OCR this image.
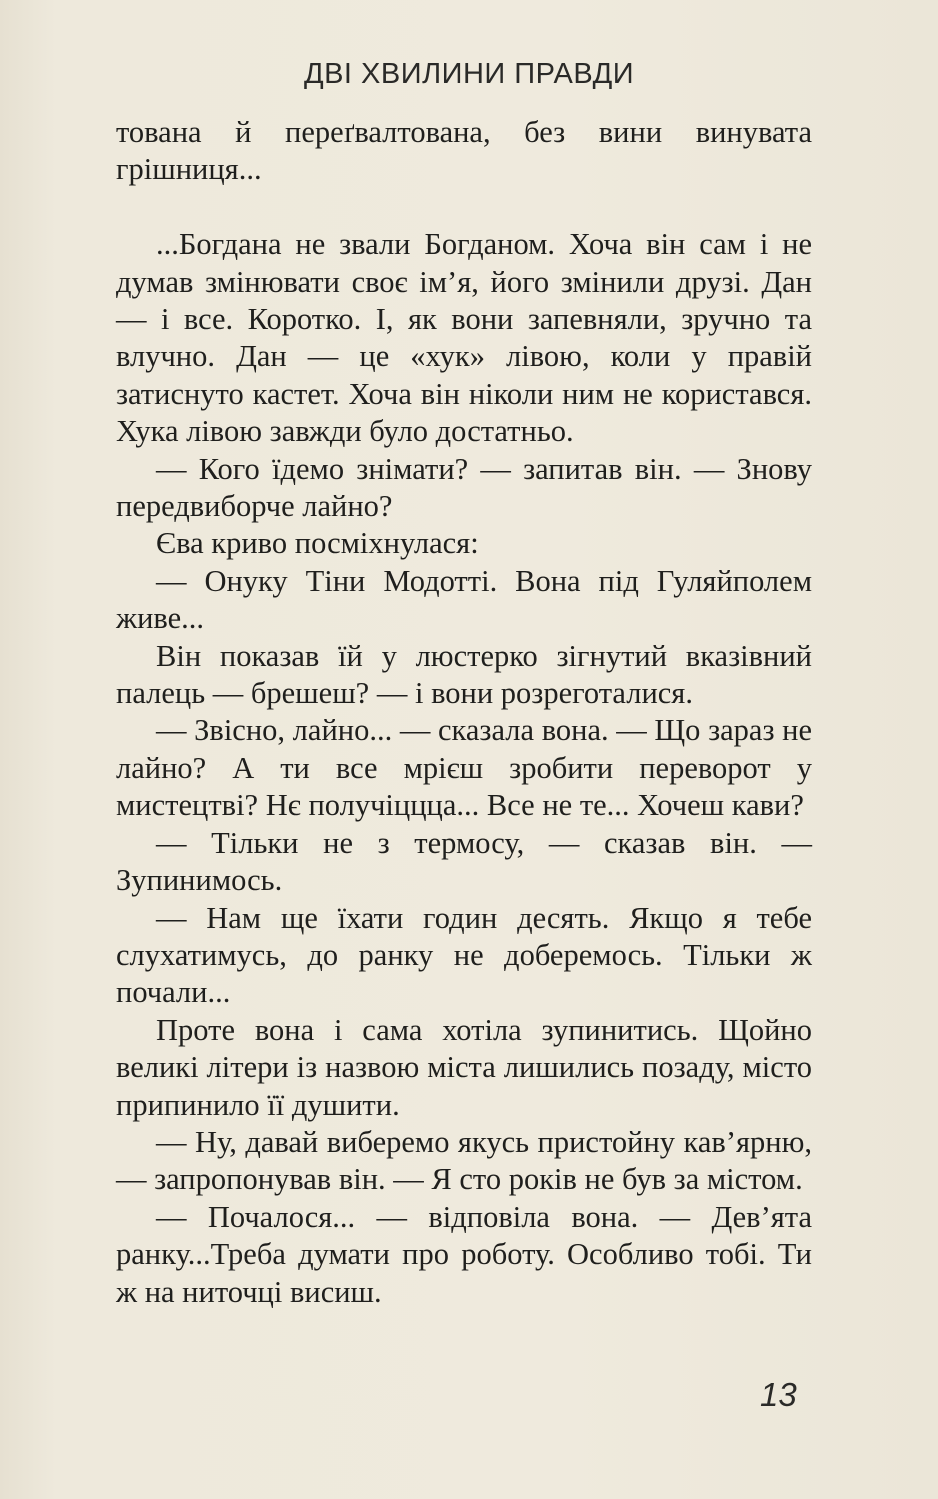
ДВІ ХВИЛИНИ ПРАВДИ

тована й переґвалтована, без вини винувата грішниця...

...Богдана не звали Богданом. Хоча він сам і не думав змінювати своє ім’я, його змінили друзі. Дан — і все. Коротко. І, як вони запевняли, зручно та влучно. Дан — це «хук» лівою, коли у правій затиснуто кастет. Хоча він ніколи ним не користався. Хука лівою завжди було достатньо.

— Кого їдемо знімати? — запитав він. — Знову передвиборче лайно?

Єва криво посміхнулася:

— Онуку Тіни Модотті. Вона під Гуляйполем живе...

Він показав їй у люстерко зігнутий вказівний палець — брешеш? — і вони розреготалися.

— Звісно, лайно... — сказала вона. — Що зараз не лайно? А ти все мрієш зробити переворот у мистецтві? Нє получіццца... Все не те... Хочеш кави?

— Тільки не з термосу, — сказав він. — Зупинимось.

— Нам ще їхати годин десять. Якщо я тебе слухатимусь, до ранку не доберемось. Тільки ж почали...

Проте вона і сама хотіла зупинитись. Щойно великі літери із назвою міста лишились позаду, місто припинило її душити.

— Ну, давай виберемо якусь пристойну кав’ярню, — запропонував він. — Я сто років не був за містом.

— Почалося... — відповіла вона. — Дев’ята ранку...Треба думати про роботу. Особливо тобі. Ти ж на ниточці висиш.

13
